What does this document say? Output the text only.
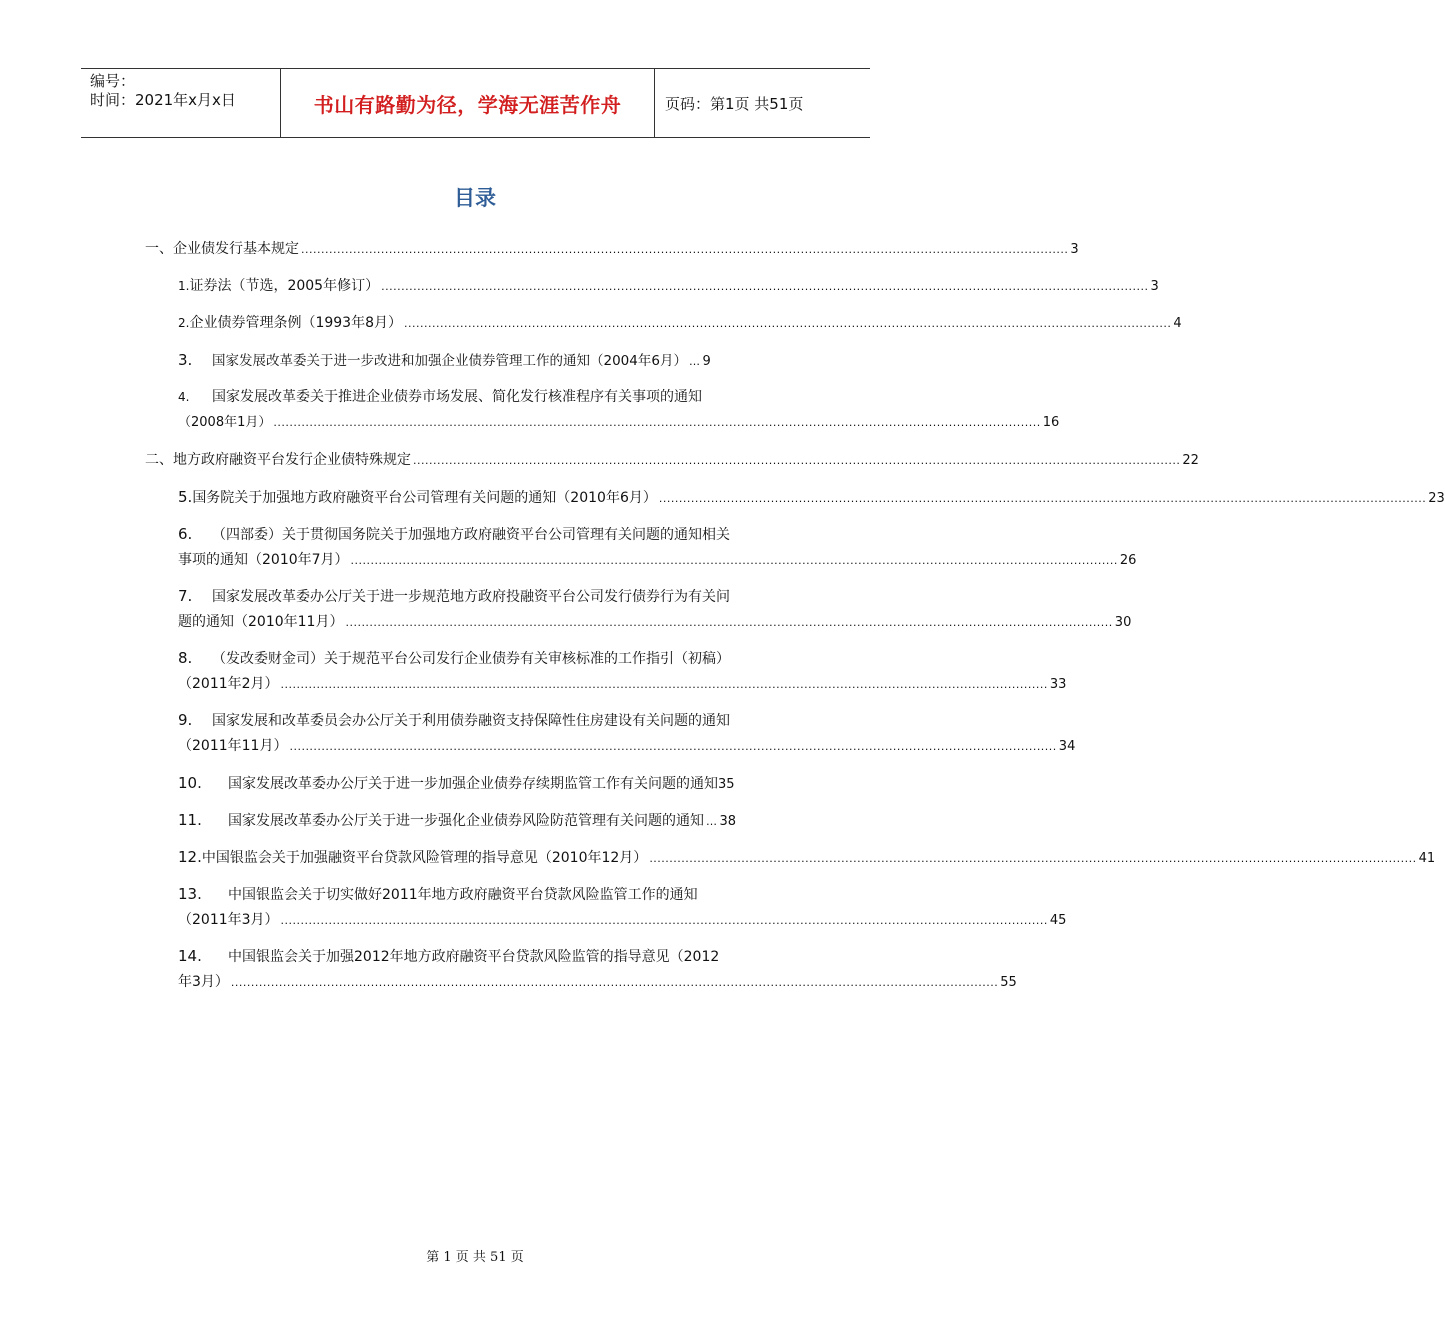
编号：
时间：2021年x月x日	书山有路勤为径，学海无涯苦作舟	页码：第1页 共51页
目录
一、 企业债发行基本规定 ................................................................................................................................................................................................ 3
1. 证券法（节选，2005年修订） ................................................................................................................................................................................................ 3
2. 企业债券管理条例（1993年8月） ................................................................................................................................................................................................ 4
3.	国家发展改革委关于进一步改进和加强企业债券管理工作的通知（2004年6月） … 9
4.	国家发展改革委关于推进企业债券市场发展、简化发行核准程序有关事项的通知
（2008年1月） ................................................................................................................................................................................................ 16
二、 地方政府融资平台发行企业债特殊规定 ................................................................................................................................................................................................ 22
5. 国务院关于加强地方政府融资平台公司管理有关问题的通知（2010年6月） ................................................................................................................................................................................................ 23
6.	（四部委）关于贯彻国务院关于加强地方政府融资平台公司管理有关问题的通知相关
事项的通知（2010年7月） ................................................................................................................................................................................................ 26
7.	国家发展改革委办公厅关于进一步规范地方政府投融资平台公司发行债券行为有关问
题的通知（2010年11月） ................................................................................................................................................................................................ 30
8.	（发改委财金司）关于规范平台公司发行企业债券有关审核标准的工作指引（初稿）
（2011年2月） ................................................................................................................................................................................................ 33
9.	国家发展和改革委员会办公厅关于利用债券融资支持保障性住房建设有关问题的通知
（2011年11月） ................................................................................................................................................................................................ 34
10.	国家发展改革委办公厅关于进一步加强企业债券存续期监管工作有关问题的通知 35
11.	国家发展改革委办公厅关于进一步强化企业债券风险防范管理有关问题的通知 … 38
12. 中国银监会关于加强融资平台贷款风险管理的指导意见（2010年12月） ................................................................................................................................................................................................ 41
13.	中国银监会关于切实做好2011年地方政府融资平台贷款风险监管工作的通知
（2011年3月） ................................................................................................................................................................................................ 45
14.	中国银监会关于加强2012年地方政府融资平台贷款风险监管的指导意见（2012
年3月） ................................................................................................................................................................................................ 55
第 1 页 共 51 页
